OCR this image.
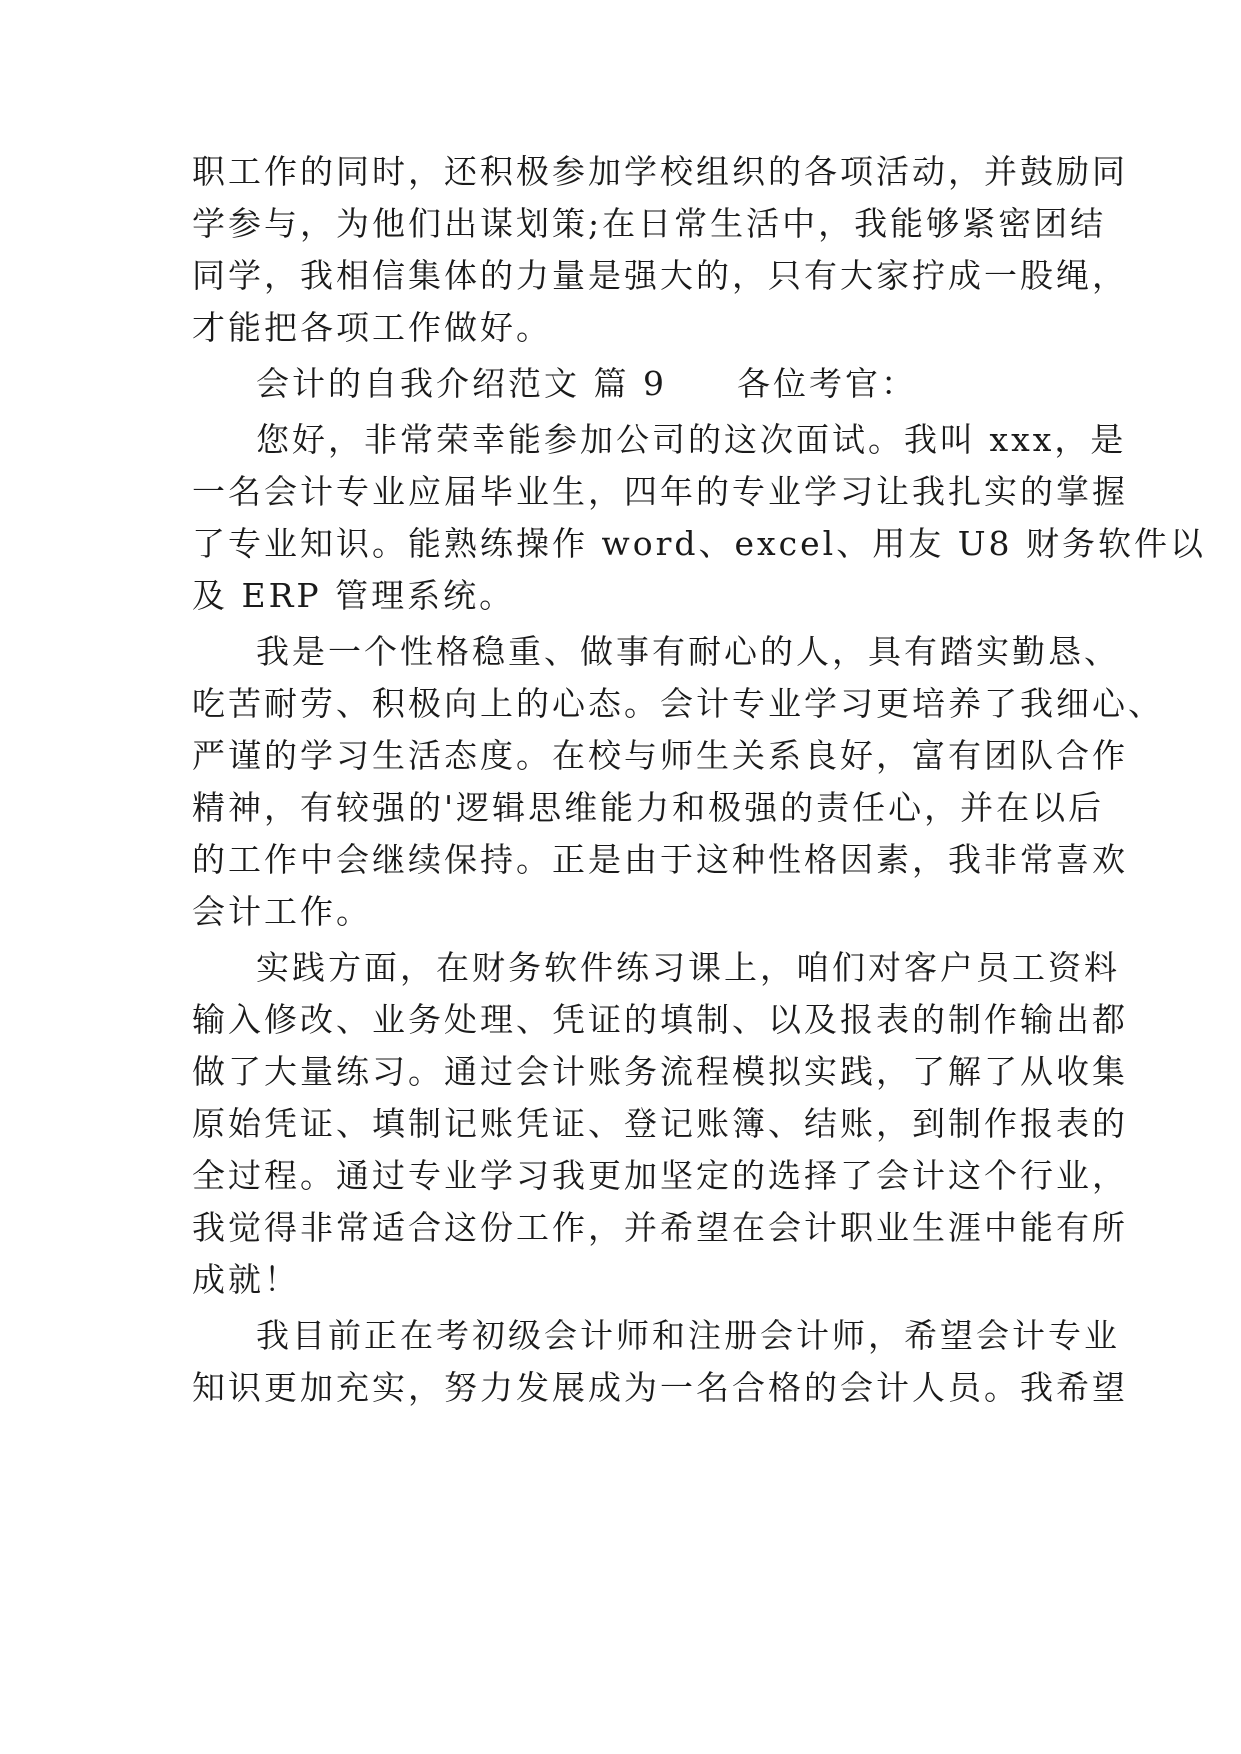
职工作的同时，还积极参加学校组织的各项活动，并鼓励同

学参与，为他们出谋划策;在日常生活中，我能够紧密团结

同学，我相信集体的力量是强大的，只有大家拧成一股绳，

才能把各项工作做好。

会计的自我介绍范文 篇 9 各位考官：

您好，非常荣幸能参加公司的这次面试。我叫 xxx，是

一名会计专业应届毕业生，四年的专业学习让我扎实的掌握

了专业知识。能熟练操作 word、excel、用友 U8 财务软件以

及 ERP 管理系统。

我是一个性格稳重、做事有耐心的人，具有踏实勤恳、

吃苦耐劳、积极向上的心态。会计专业学习更培养了我细心、

严谨的学习生活态度。在校与师生关系良好，富有团队合作

精神，有较强的'逻辑思维能力和极强的责任心，并在以后

的工作中会继续保持。正是由于这种性格因素，我非常喜欢

会计工作。

实践方面，在财务软件练习课上，咱们对客户员工资料

输入修改、业务处理、凭证的填制、以及报表的制作输出都

做了大量练习。通过会计账务流程模拟实践，了解了从收集

原始凭证、填制记账凭证、登记账簿、结账，到制作报表的

全过程。通过专业学习我更加坚定的选择了会计这个行业，

我觉得非常适合这份工作，并希望在会计职业生涯中能有所

成就！

我目前正在考初级会计师和注册会计师，希望会计专业

知识更加充实，努力发展成为一名合格的会计人员。我希望
